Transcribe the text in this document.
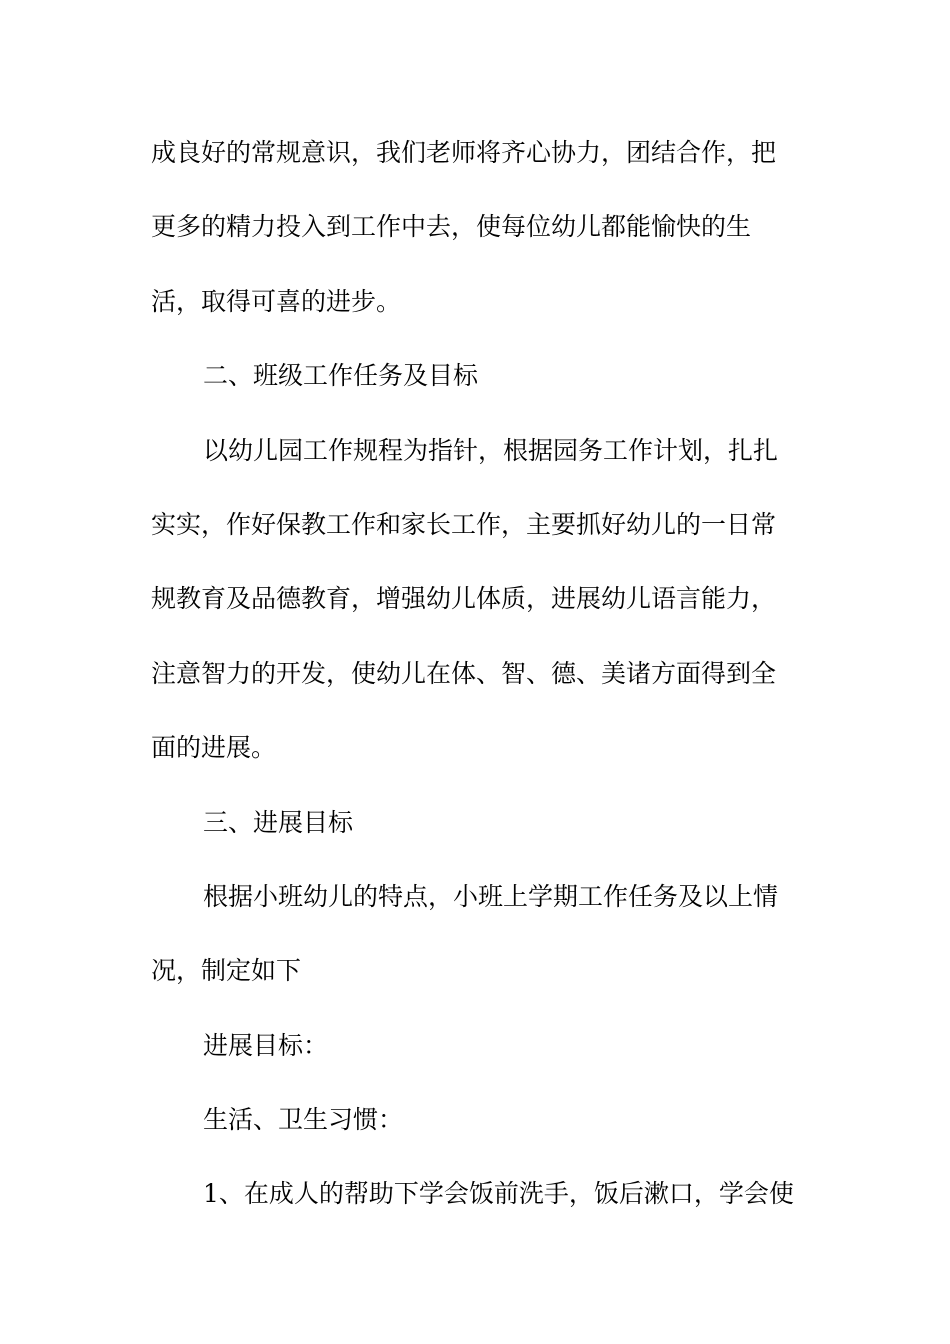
成良好的常规意识，我们老师将齐心协力，团结合作，把
更多的精力投入到工作中去，使每位幼儿都能愉快的生
活，取得可喜的进步。
二、班级工作任务及目标
以幼儿园工作规程为指针，根据园务工作计划，扎扎
实实，作好保教工作和家长工作，主要抓好幼儿的一日常
规教育及品德教育，增强幼儿体质，进展幼儿语言能力，
注意智力的开发，使幼儿在体、智、德、美诸方面得到全
面的进展。
三、进展目标
根据小班幼儿的特点，小班上学期工作任务及以上情
况，制定如下
进展目标：
生活、卫生习惯：
1、在成人的帮助下学会饭前洗手，饭后漱口，学会使
